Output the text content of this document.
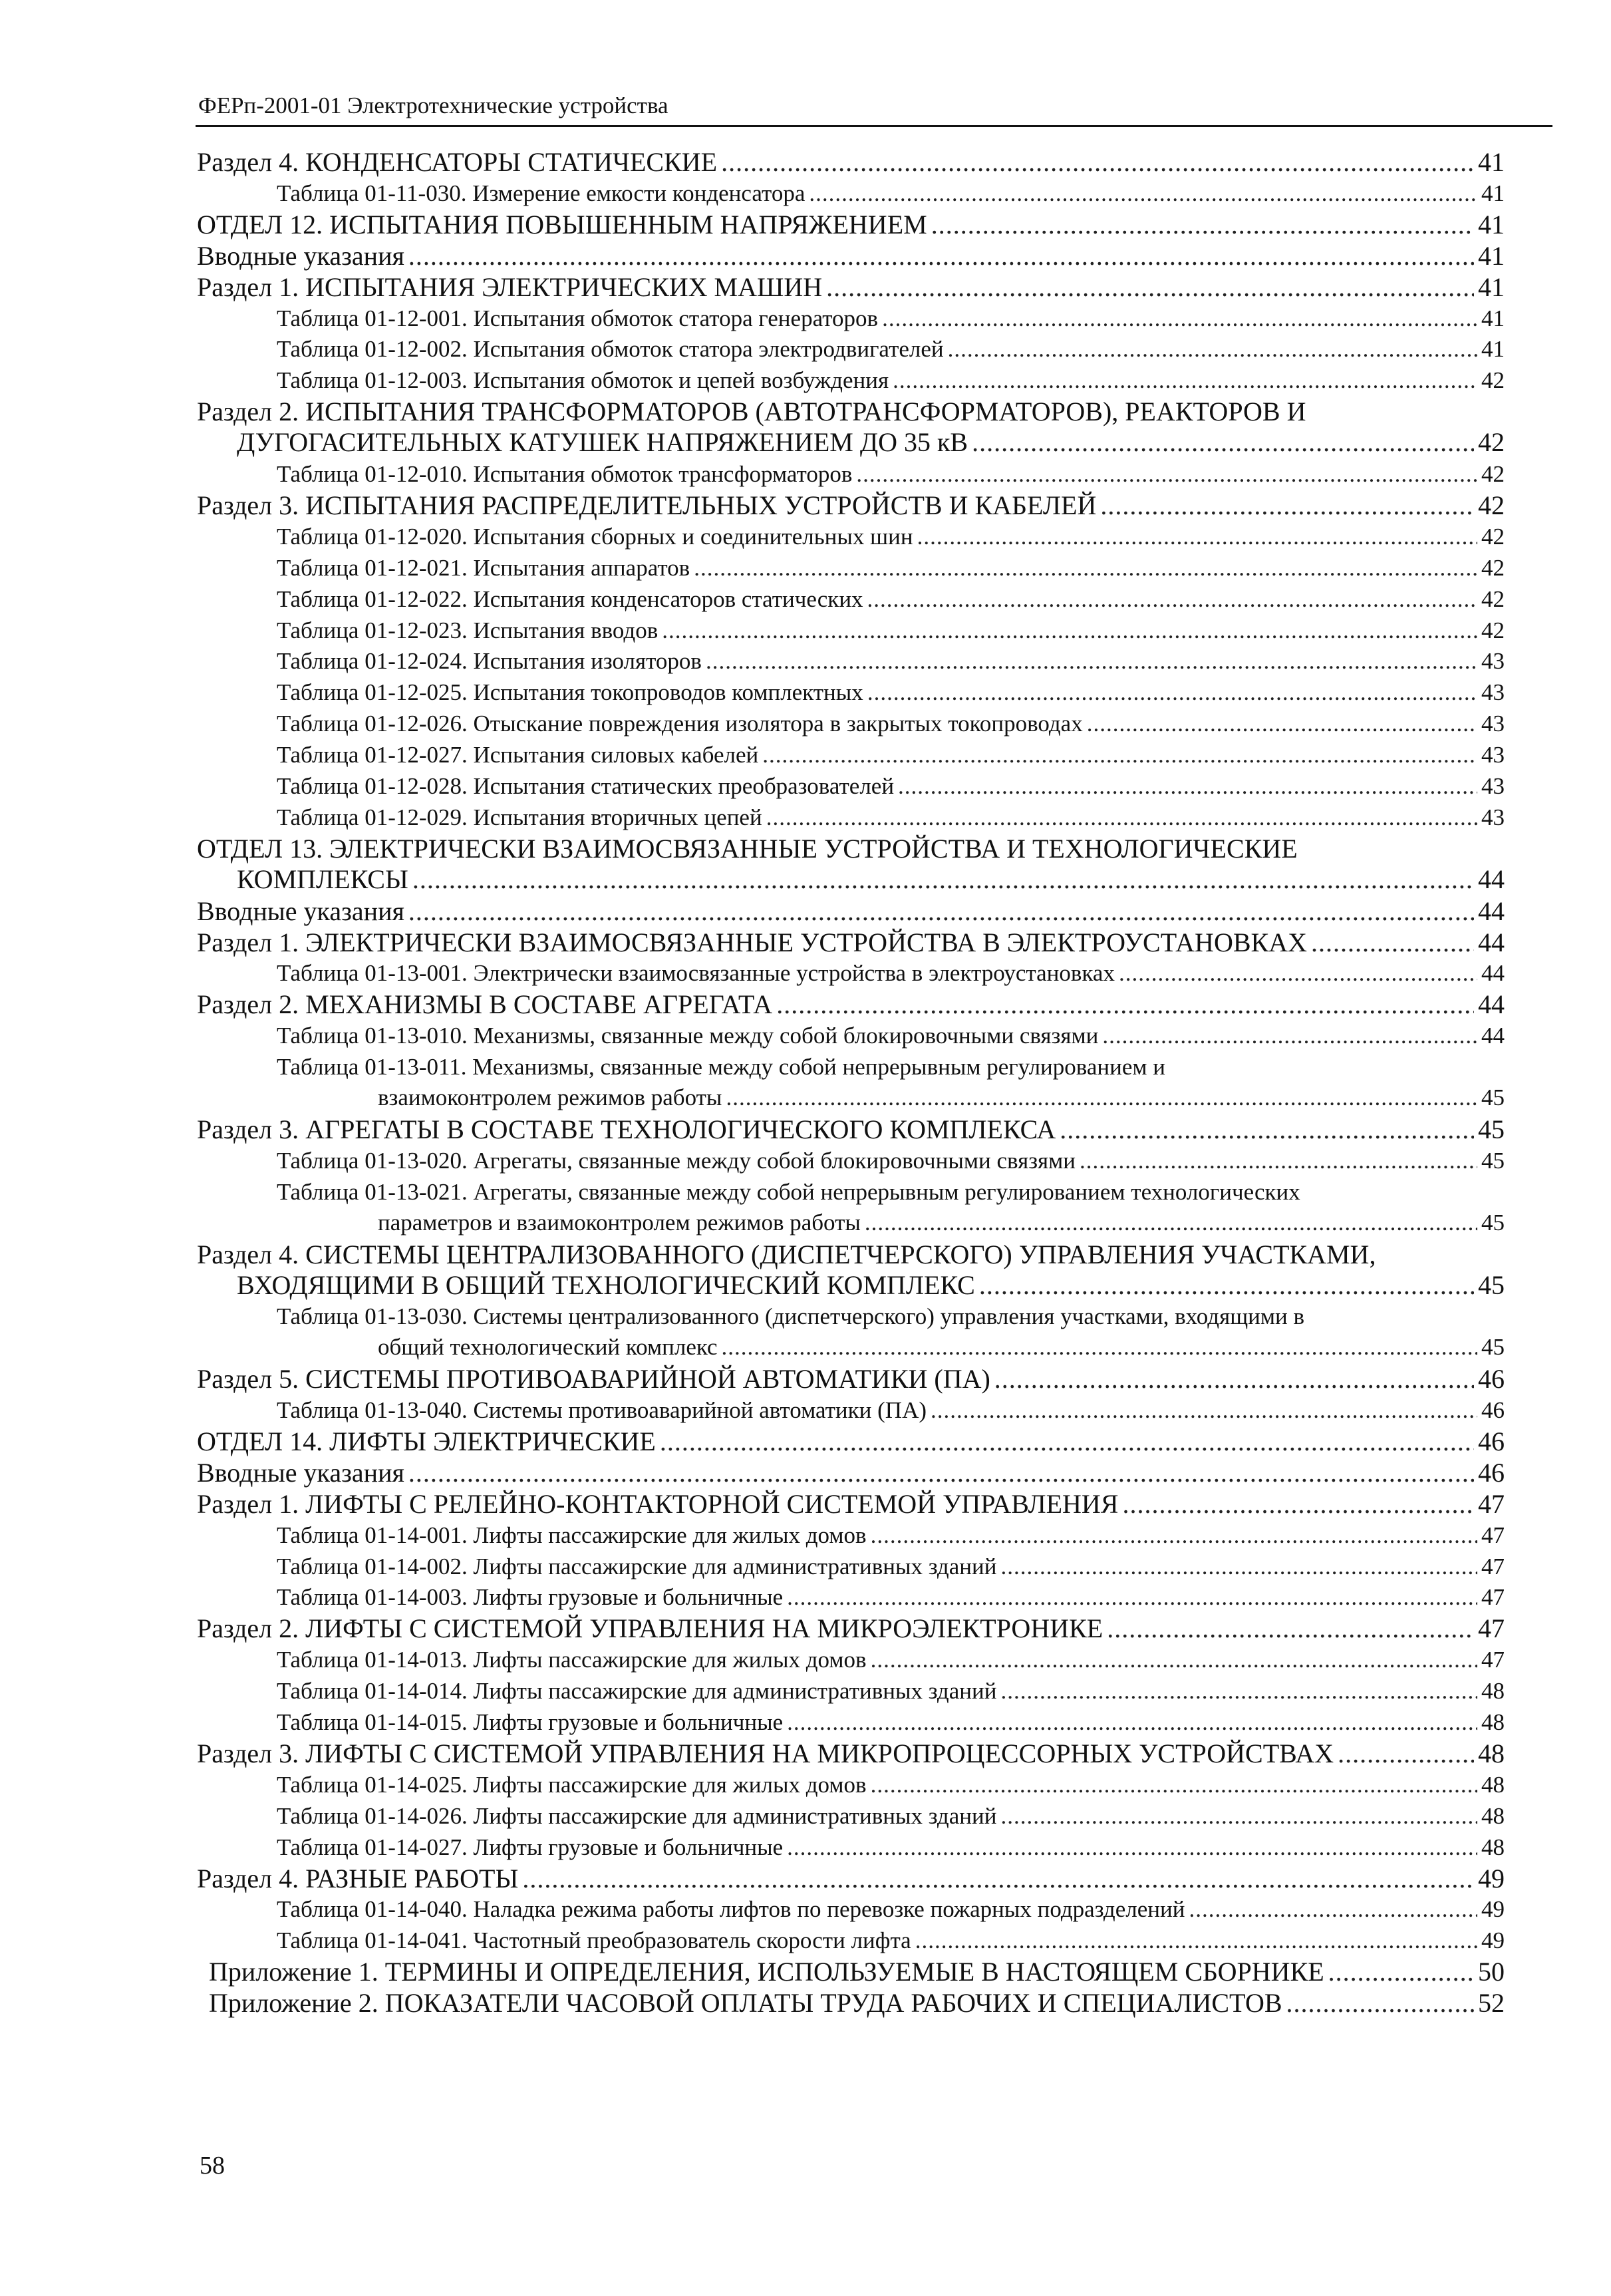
ФЕРп-2001-01 Электротехнические устройства
Раздел 4. КОНДЕНСАТОРЫ СТАТИЧЕСКИЕ .....	41
Таблица 01-11-030. Измерение емкости конденсатора .....	41
ОТДЕЛ 12. ИСПЫТАНИЯ ПОВЫШЕННЫМ НАПРЯЖЕНИЕМ .....	41
Вводные указания .....	41
Раздел 1. ИСПЫТАНИЯ ЭЛЕКТРИЧЕСКИХ МАШИН .....	41
Таблица 01-12-001. Испытания обмоток статора генераторов .....	41
Таблица 01-12-002. Испытания обмоток статора электродвигателей .....	41
Таблица 01-12-003. Испытания обмоток и цепей возбуждения .....	42
Раздел 2. ИСПЫТАНИЯ ТРАНСФОРМАТОРОВ (АВТОТРАНСФОРМАТОРОВ), РЕАКТОРОВ И
ДУГОГАСИТЕЛЬНЫХ КАТУШЕК НАПРЯЖЕНИЕМ ДО 35 кВ .....	42
Таблица 01-12-010. Испытания обмоток трансформаторов .....	42
Раздел 3. ИСПЫТАНИЯ РАСПРЕДЕЛИТЕЛЬНЫХ УСТРОЙСТВ И КАБЕЛЕЙ .....	42
Таблица 01-12-020. Испытания сборных и соединительных шин .....	42
Таблица 01-12-021. Испытания аппаратов .....	42
Таблица 01-12-022. Испытания конденсаторов статических .....	42
Таблица 01-12-023. Испытания вводов .....	42
Таблица 01-12-024. Испытания изоляторов .....	43
Таблица 01-12-025. Испытания токопроводов комплектных .....	43
Таблица 01-12-026. Отыскание повреждения изолятора в закрытых токопроводах .....	43
Таблица 01-12-027. Испытания силовых кабелей .....	43
Таблица 01-12-028. Испытания статических преобразователей .....	43
Таблица 01-12-029. Испытания вторичных цепей .....	43
ОТДЕЛ 13. ЭЛЕКТРИЧЕСКИ ВЗАИМОСВЯЗАННЫЕ УСТРОЙСТВА И ТЕХНОЛОГИЧЕСКИЕ
КОМПЛЕКСЫ .....	44
Вводные указания .....	44
Раздел 1. ЭЛЕКТРИЧЕСКИ ВЗАИМОСВЯЗАННЫЕ УСТРОЙСТВА В ЭЛЕКТРОУСТАНОВКАХ .....	44
Таблица 01-13-001. Электрически взаимосвязанные устройства в электроустановках .....	44
Раздел 2. МЕХАНИЗМЫ В СОСТАВЕ АГРЕГАТА .....	44
Таблица 01-13-010. Механизмы, связанные между собой блокировочными связями .....	44
Таблица 01-13-011. Механизмы, связанные между собой непрерывным регулированием и
взаимоконтролем режимов работы .....	45
Раздел 3. АГРЕГАТЫ В СОСТАВЕ ТЕХНОЛОГИЧЕСКОГО КОМПЛЕКСА .....	45
Таблица 01-13-020. Агрегаты, связанные между собой блокировочными связями .....	45
Таблица 01-13-021. Агрегаты, связанные между собой непрерывным регулированием технологических
параметров и взаимоконтролем режимов работы .....	45
Раздел 4. СИСТЕМЫ ЦЕНТРАЛИЗОВАННОГО (ДИСПЕТЧЕРСКОГО) УПРАВЛЕНИЯ УЧАСТКАМИ,
ВХОДЯЩИМИ В ОБЩИЙ ТЕХНОЛОГИЧЕСКИЙ КОМПЛЕКС .....	45
Таблица 01-13-030. Системы централизованного (диспетчерского) управления участками, входящими в
общий технологический комплекс .....	45
Раздел 5. СИСТЕМЫ ПРОТИВОАВАРИЙНОЙ АВТОМАТИКИ (ПА) .....	46
Таблица 01-13-040. Системы противоаварийной автоматики (ПА) .....	46
ОТДЕЛ 14. ЛИФТЫ ЭЛЕКТРИЧЕСКИЕ .....	46
Вводные указания .....	46
Раздел 1. ЛИФТЫ С РЕЛЕЙНО-КОНТАКТОРНОЙ СИСТЕМОЙ УПРАВЛЕНИЯ .....	47
Таблица 01-14-001. Лифты пассажирские для жилых домов .....	47
Таблица 01-14-002. Лифты пассажирские для административных зданий .....	47
Таблица 01-14-003. Лифты грузовые и больничные .....	47
Раздел 2. ЛИФТЫ С СИСТЕМОЙ УПРАВЛЕНИЯ НА МИКРОЭЛЕКТРОНИКЕ .....	47
Таблица 01-14-013. Лифты пассажирские для жилых домов .....	47
Таблица 01-14-014. Лифты пассажирские для административных зданий .....	48
Таблица 01-14-015. Лифты грузовые и больничные .....	48
Раздел 3. ЛИФТЫ С СИСТЕМОЙ УПРАВЛЕНИЯ НА МИКРОПРОЦЕССОРНЫХ УСТРОЙСТВАХ .....	48
Таблица 01-14-025. Лифты пассажирские для жилых домов .....	48
Таблица 01-14-026. Лифты пассажирские для административных зданий .....	48
Таблица 01-14-027. Лифты грузовые и больничные .....	48
Раздел 4. РАЗНЫЕ РАБОТЫ .....	49
Таблица 01-14-040. Наладка режима работы лифтов по перевозке пожарных подразделений .....	49
Таблица 01-14-041. Частотный преобразователь скорости лифта .....	49
Приложение 1. ТЕРМИНЫ И ОПРЕДЕЛЕНИЯ, ИСПОЛЬЗУЕМЫЕ В НАСТОЯЩЕМ СБОРНИКЕ .....	50
Приложение 2. ПОКАЗАТЕЛИ ЧАСОВОЙ ОПЛАТЫ ТРУДА РАБОЧИХ И СПЕЦИАЛИСТОВ .....	52
58
